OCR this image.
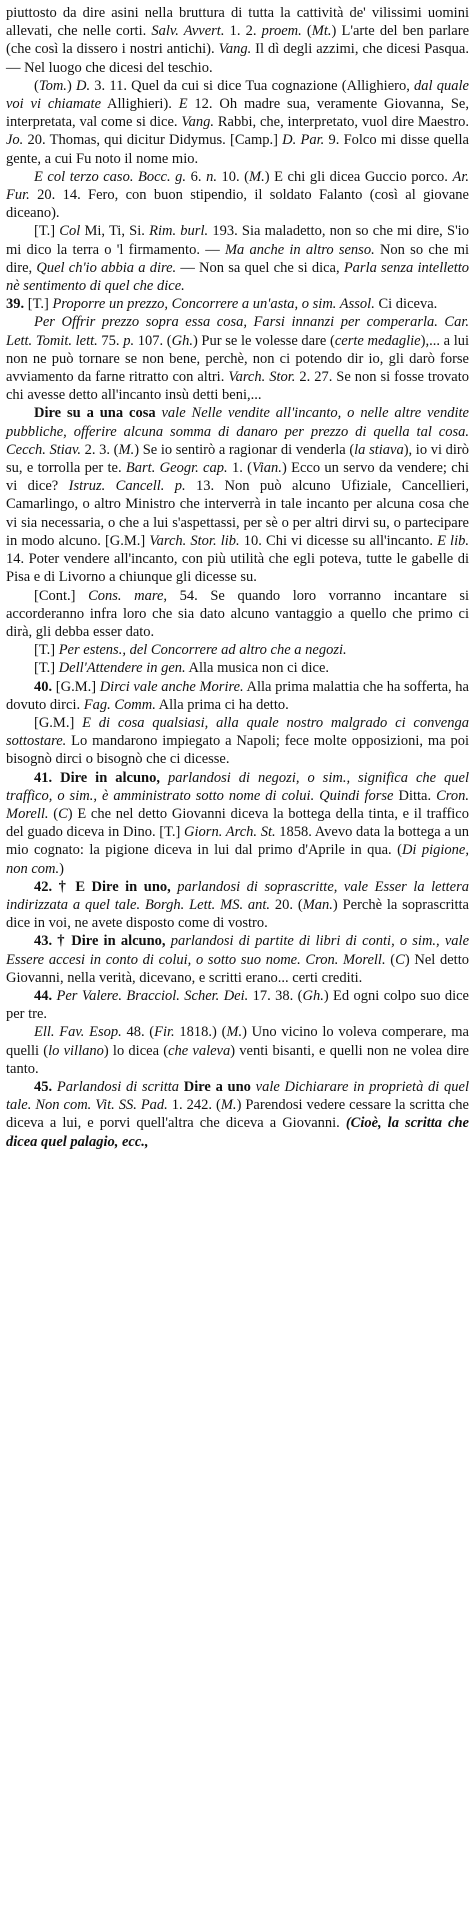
piuttosto da dire asini nella bruttura di tutta la cattività de' vilissimi uomini allevati, che nelle corti. Salv. Avvert. 1. 2. proem. (Mt.) L'arte del ben parlare (che così la dissero i nostri antichi). Vang. Il dì degli azzimi, che dicesi Pasqua. — Nel luogo che dicesi del teschio.

(Tom.) D. 3. 11. Quel da cui si dice Tua cognazione (Allighiero, dal quale voi vi chiamate Allighieri). E 12. Oh madre sua, veramente Giovanna, Se, interpretata, val come si dice. Vang. Rabbi, che, interpretato, vuol dire Maestro. Jo. 20. Thomas, qui dicitur Didymus. [Camp.] D. Par. 9. Folco mi disse quella gente, a cui Fu noto il nome mio.

E col terzo caso. Bocc. g. 6. n. 10. (M.) E chi gli dicea Guccio porco. Ar. Fur. 20. 14. Fero, con buon stipendio, il soldato Falanto (così al giovane diceano).

[T.] Col Mi, Ti, Si. Rim. burl. 193. Sia maladetto, non so che mi dire, S'io mi dico la terra o 'l firmamento. — Ma anche in altro senso. Non so che mi dire, Quel ch'io abbia a dire. — Non sa quel che si dica, Parla senza intelletto nè sentimento di quel che dice.

39. [T.] Proporre un prezzo, Concorrere a un'asta, o sim. Assol. Ci diceva.

Per Offrir prezzo sopra essa cosa, Farsi innanzi per comperarla. Car. Lett. Tomit. lett. 75. p. 107. (Gh.) Pur se le volesse dare (certe medaglie),... a lui non ne può tornare se non bene, perchè, non ci potendo dir io, gli darò forse avviamento da farne ritratto con altri. Varch. Stor. 2. 27. Se non si fosse trovato chi avesse detto all'incanto insù detti beni,...

Dire su a una cosa vale Nelle vendite all'incanto, o nelle altre vendite pubbliche, offerire alcuna somma di danaro per prezzo di quella tal cosa. Cecch. Stiav. 2. 3. (M.) Se io sentirò a ragionar di venderla (la stiava), io vi dirò su, e torrolla per te. Bart. Geogr. cap. 1. (Vian.) Ecco un servo da vendere; chi vi dice? Istruz. Cancell. p. 13. Non può alcuno Ufiziale, Cancellieri, Camarlingo, o altro Ministro che interverrà in tale incanto per alcuna cosa che vi sia necessaria, o che a lui s'aspettassi, per sè o per altri dirvi su, o partecipare in modo alcuno. [G.M.] Varch. Stor. lib. 10. Chi vi dicesse su all'incanto. E lib. 14. Poter vendere all'incanto, con più utilità che egli poteva, tutte le gabelle di Pisa e di Livorno a chiunque gli dicesse su.

[Cont.] Cons. mare, 54. Se quando loro vorranno incantare si accorderanno infra loro che sia dato alcuno vantaggio a quello che primo ci dirà, gli debba esser dato.

[T.] Per estens., del Concorrere ad altro che a negozi.

[T.] Dell'Attendere in gen. Alla musica non ci dice.

40. [G.M.] Dirci vale anche Morire. Alla prima malattia che ha sofferta, ha dovuto dirci. Fag. Comm. Alla prima ci ha detto.

[G.M.] E di cosa qualsiasi, alla quale nostro malgrado ci convenga sottostare. Lo mandarono impiegato a Napoli; fece molte opposizioni, ma poi bisognò dirci o bisognò che ci dicesse.

41. Dire in alcuno, parlandosi di negozi, o sim., significa che quel traffico, o sim., è amministrato sotto nome di colui. Quindi forse Ditta. Cron. Morell. (C) E che nel detto Giovanni diceva la bottega della tinta, e il traffico del guado diceva in Dino. [T.] Giorn. Arch. St. 1858. Avevo data la bottega a un mio cognato: la pigione diceva in lui dal primo d'Aprile in qua. (Di pigione, non com.)

42. † E Dire in uno, parlandosi di soprascritte, vale Esser la lettera indirizzata a quel tale. Borgh. Lett. MS. ant. 20. (Man.) Perchè la soprascritta dice in voi, ne avete disposto come di vostro.

43. † Dire in alcuno, parlandosi di partite di libri di conti, o sim., vale Essere accesi in conto di colui, o sotto suo nome. Cron. Morell. (C) Nel detto Giovanni, nella verità, dicevano, e scritti erano... certi crediti.

44. Per Valere. Bracciol. Scher. Dei. 17. 38. (Gh.) Ed ogni colpo suo dice per tre.

Ell. Fav. Esop. 48. (Fir. 1818.) (M.) Uno vicino lo voleva comperare, ma quelli (lo villano) lo dicea (che valeva) venti bisanti, e quelli non ne volea dire tanto.

45. Parlandosi di scritta Dire a uno vale Dichiarare in proprietà di quel tale. Non com. Vit. SS. Pad. 1. 242. (M.) Parendosi vedere cessare la scritta che diceva a lui, e porvi quell'altra che diceva a Giovanni. (Cioè, la scritta che dicea quel palagio, ecc.,
